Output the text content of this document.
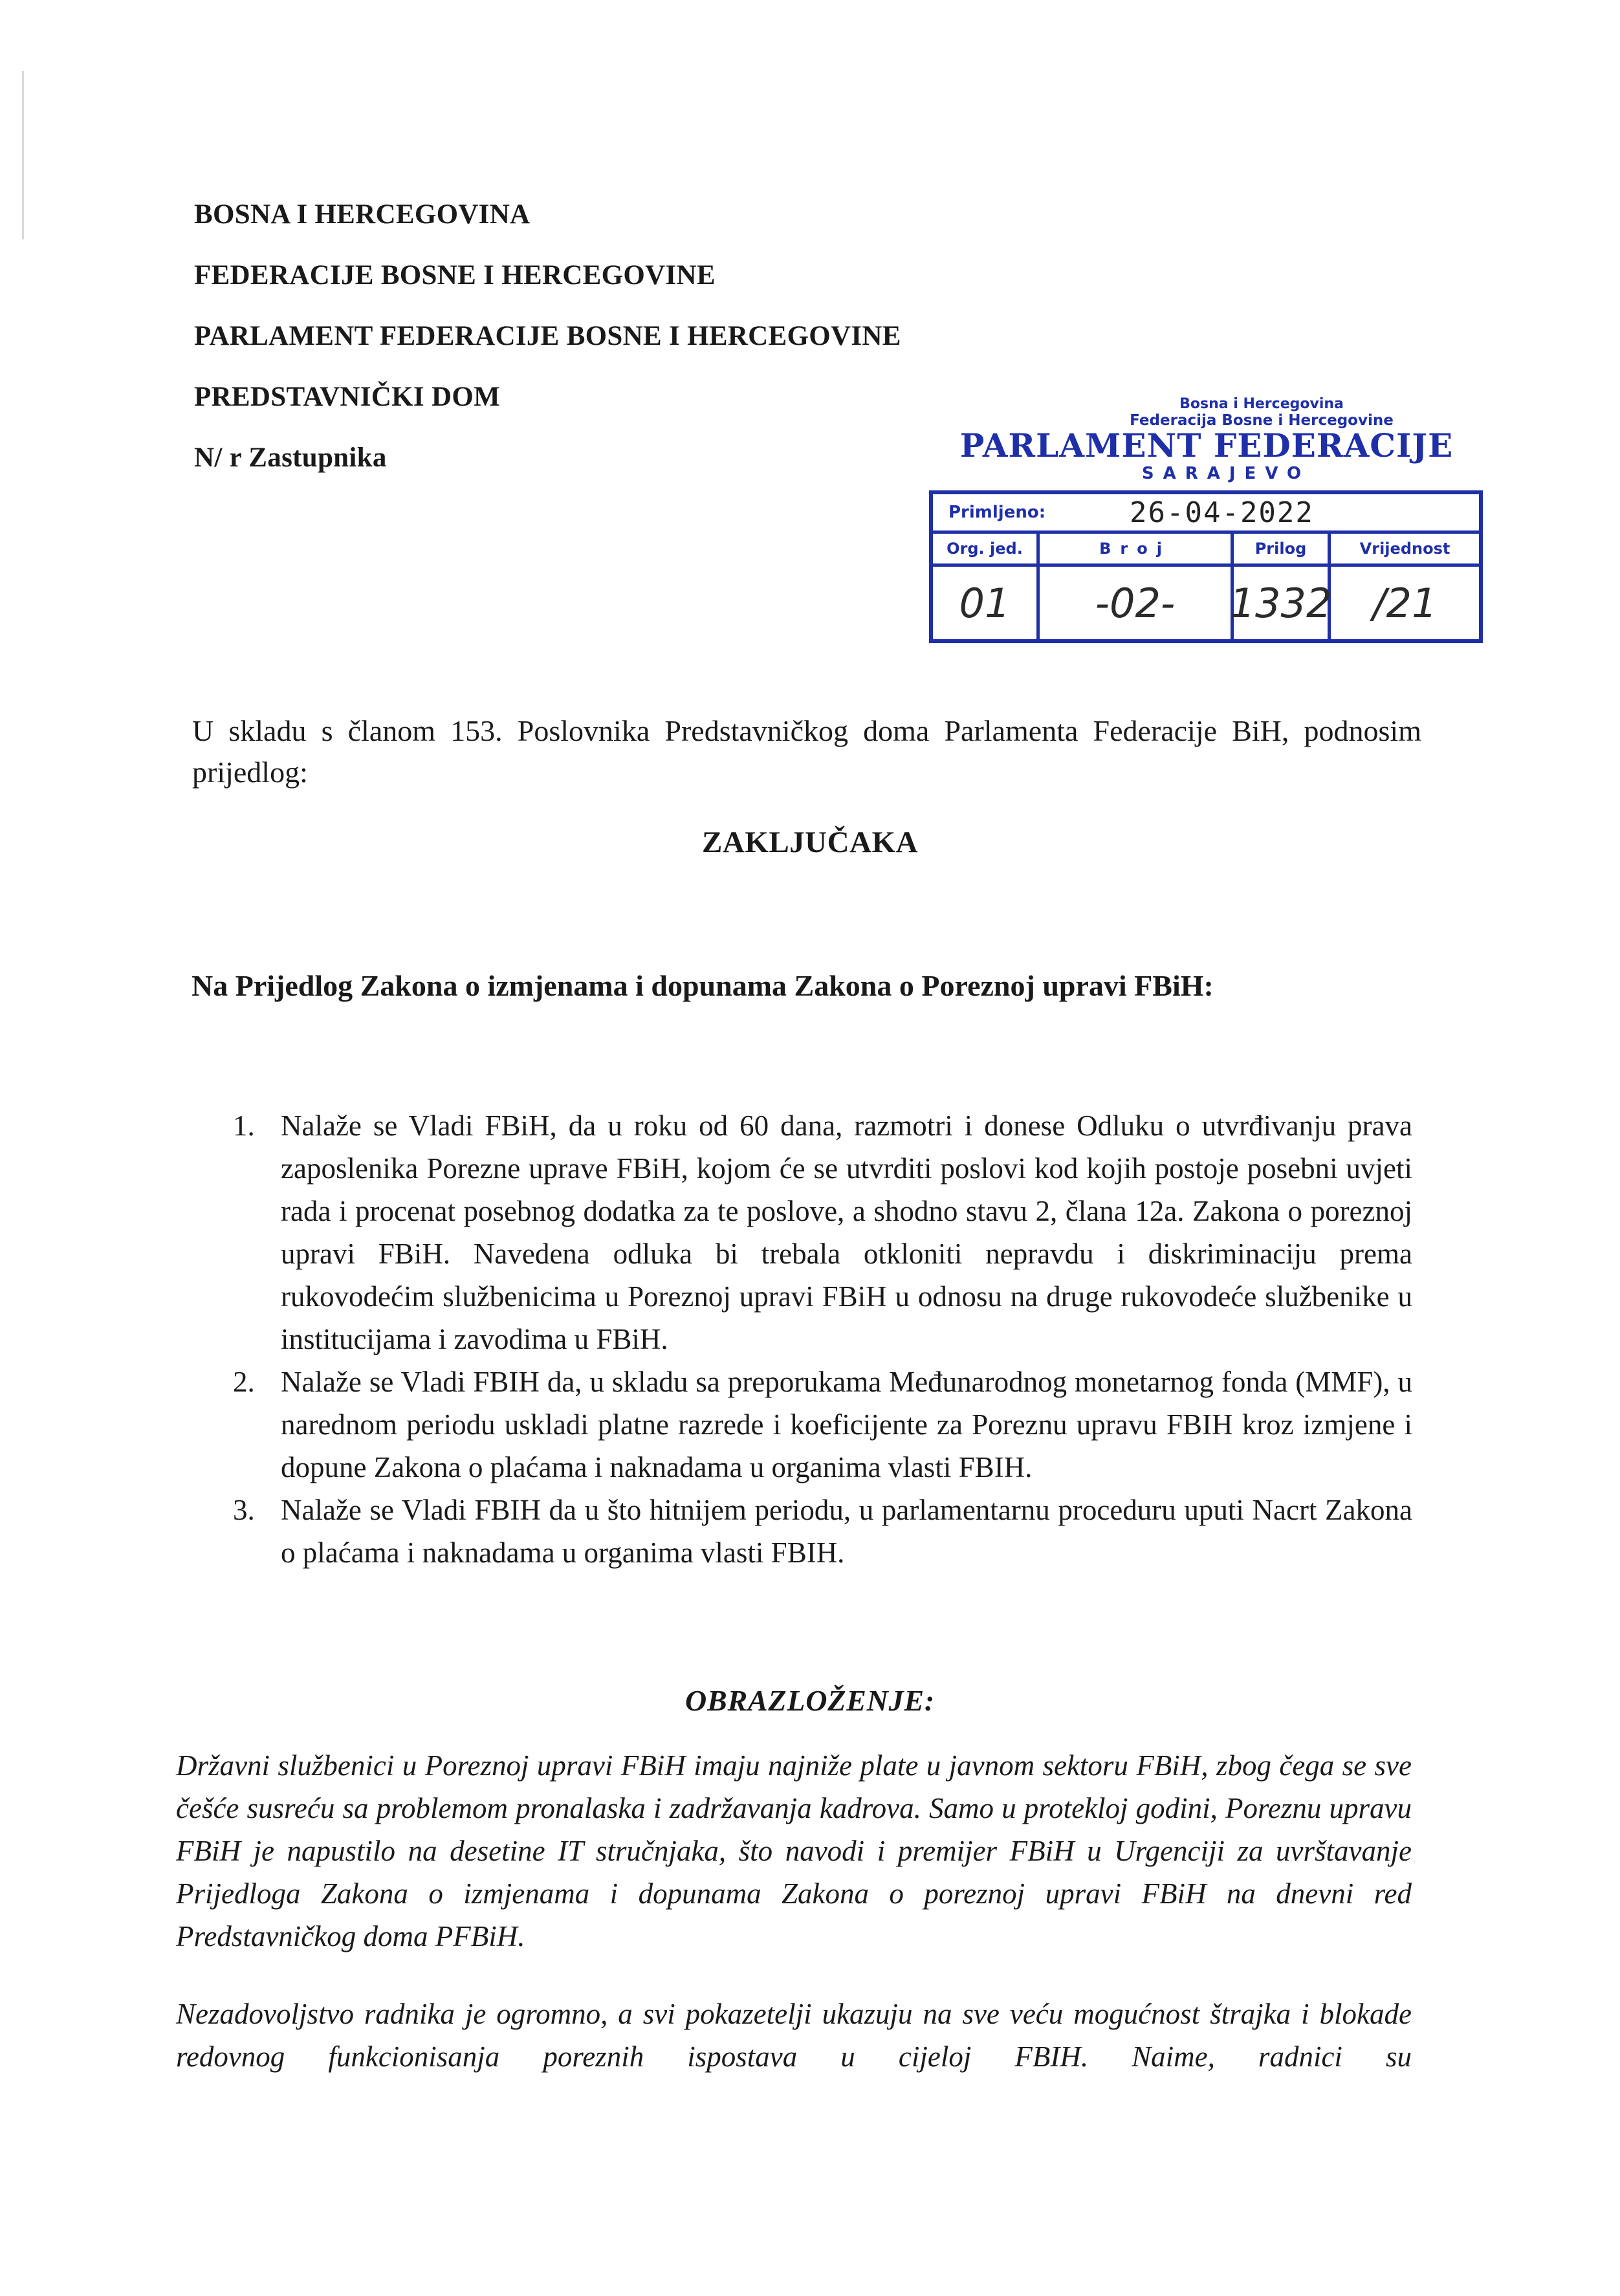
BOSNA I HERCEGOVINA
FEDERACIJE BOSNE I HERCEGOVINE
PARLAMENT FEDERACIJE BOSNE I HERCEGOVINE
PREDSTAVNIČKI DOM
N/ r Zastupnika
Bosna i Hercegovina
Federacija Bosne i Hercegovine
PARLAMENT FEDERACIJE
SARAJEVO
Primljeno:	26-04-2022
Org. jed.	Broj	Prilog	Vrijednost
01	-02-	1332	/21
U skladu s članom 153. Poslovnika Predstavničkog doma Parlamenta Federacije BiH, podnosim prijedlog:
ZAKLJUČAKA
Na Prijedlog Zakona o izmjenama i dopunama Zakona o Poreznoj upravi FBiH:
1. Nalaže se Vladi FBiH, da u roku od 60 dana, razmotri i donese Odluku o utvrđivanju prava zaposlenika Porezne uprave FBiH, kojom će se utvrditi poslovi kod kojih postoje posebni uvjeti rada i procenat posebnog dodatka za te poslove, a shodno stavu 2, člana 12a. Zakona o poreznoj upravi FBiH. Navedena odluka bi trebala otkloniti nepravdu i diskriminaciju prema rukovodećim službenicima u Poreznoj upravi FBiH u odnosu na druge rukovodeće službenike u institucijama i zavodima u FBiH.
2. Nalaže se Vladi FBIH da, u skladu sa preporukama Međunarodnog monetarnog fonda (MMF), u narednom periodu uskladi platne razrede i koeficijente za Poreznu upravu FBIH kroz izmjene i dopune Zakona o plaćama i naknadama u organima vlasti FBIH.
3. Nalaže se Vladi FBIH da u što hitnijem periodu, u parlamentarnu proceduru uputi Nacrt Zakona o plaćama i naknadama u organima vlasti FBIH.
OBRAZLOŽENJE:
Državni službenici u Poreznoj upravi FBiH imaju najniže plate u javnom sektoru FBiH, zbog čega se sve češće susreću sa problemom pronalaska i zadržavanja kadrova. Samo u proteklој godini, Poreznu upravu FBiH je napustilo na desetine IT stručnjaka, što navodi i premijer FBiH u Urgenciji za uvrštavanje Prijedloga Zakona o izmjenama i dopunama Zakona o poreznoj upravi FBiH na dnevni red Predstavničkog doma PFBiH.
Nezadovoljstvo radnika je ogromno, a svi pokazetelji ukazuju na sve veću mogućnost štrajka i blokade redovnog funkcionisanja poreznih ispostava u cijeloj FBIH. Naime, radnici su
